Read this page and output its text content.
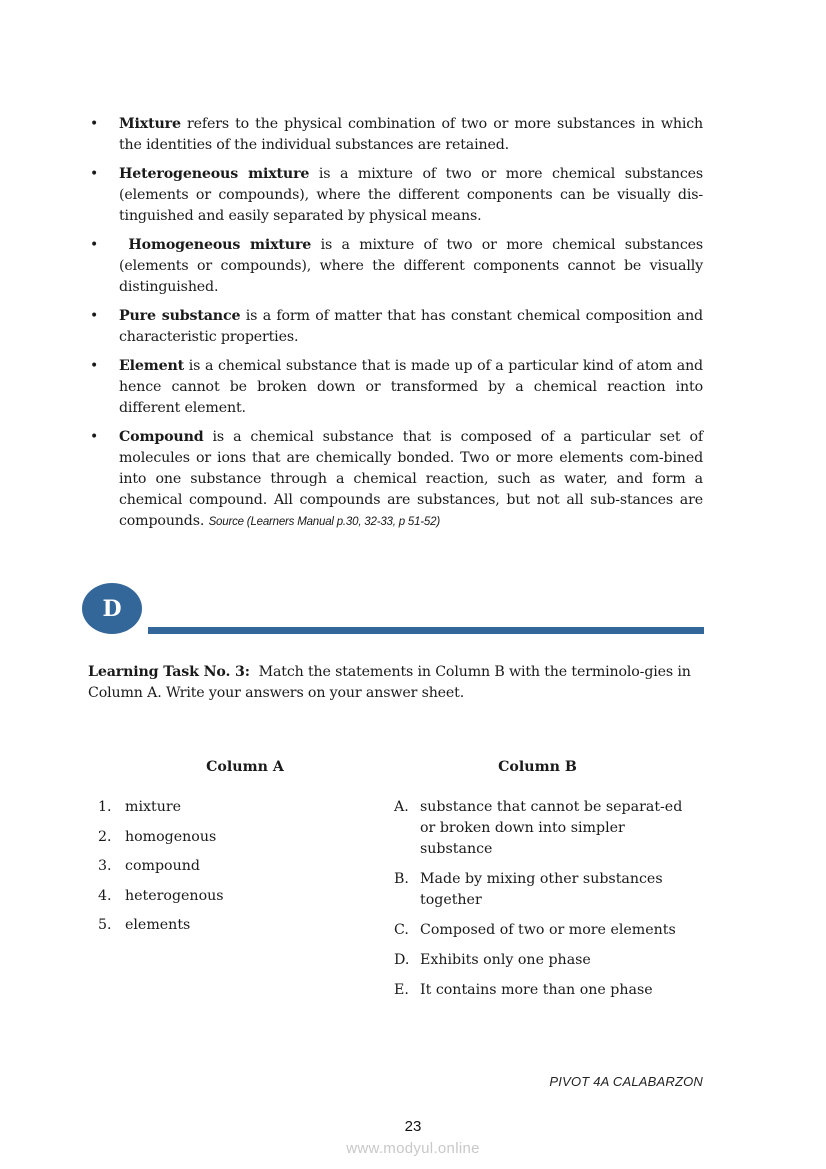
• Mixture refers to the physical combination of two or more substances in which the identities of the individual substances are retained.
• Heterogeneous mixture is a mixture of two or more chemical substances (elements or compounds), where the different components can be visually dis-tinguished and easily separated by physical means.
• Homogeneous mixture is a mixture of two or more chemical substances (elements or compounds), where the different components cannot be visually distinguished.
• Pure substance is a form of matter that has constant chemical composition and characteristic properties.
• Element is a chemical substance that is made up of a particular kind of atom and hence cannot be broken down or transformed by a chemical reaction into different element.
• Compound is a chemical substance that is composed of a particular set of molecules or ions that are chemically bonded. Two or more elements com-bined into one substance through a chemical reaction, such as water, and form a chemical compound. All compounds are substances, but not all sub-stances are compounds. Source (Learners Manual p.30, 32-33, p 51-52)
D
Learning Task No. 3:  Match the statements in Column B with the terminolo-gies in Column A. Write your answers on your answer sheet.
Column A	Column B
1. mixture
2. homogenous
3. compound
4. heterogenous
5. elements
A. substance that cannot be separat-ed or broken down into simpler substance
B. Made by mixing other substances together
C. Composed of two or more elements
D. Exhibits only one phase
E. It contains more than one phase
PIVOT 4A CALABARZON
23
www.modyul.online
